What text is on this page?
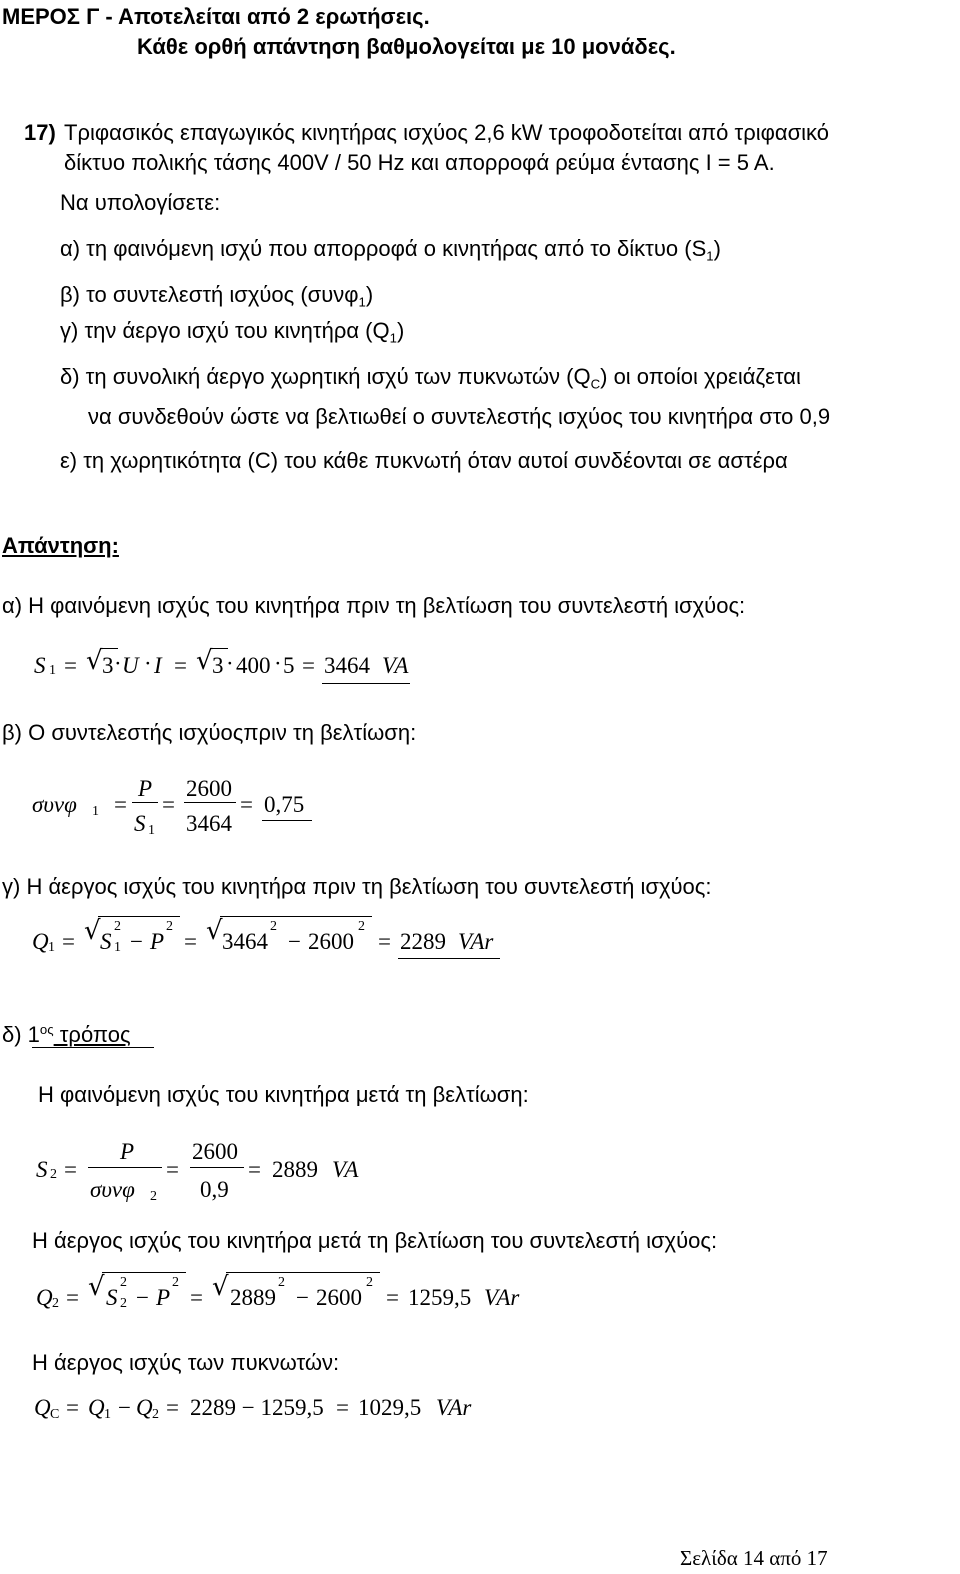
ΜΕΡΟΣ Γ - Αποτελείται από 2 ερωτήσεις.
Κάθε ορθή απάντηση βαθμολογείται με 10 μονάδες.
17) Τριφασικός επαγωγικός κινητήρας ισχύος 2,6 kW τροφοδοτείται από τριφασικό
δίκτυο πολικής τάσης 400V / 50 Hz και απορροφά ρεύμα έντασης Ι = 5 Α.
Να υπολογίσετε:
α) τη φαινόμενη ισχύ που απορροφά ο κινητήρας από το δίκτυο $(S_1)$
β) το συντελεστή ισχύος (συνφ$_1$)
γ) την άεργο ισχύ του κινητήρα $(Q_1)$
δ) τη συνολική άεργο χωρητική ισχύ των πυκνωτών $(Q_C)$ οι οποίοι χρειάζεται
να συνδεθούν ώστε να βελτιωθεί ο συντελεστής ισχύος του κινητήρα στο 0,9
ε) τη χωρητικότητα (C) του κάθε πυκνωτή όταν αυτοί συνδέονται σε αστέρα
Απάντηση:
α) Η φαινόμενη ισχύς του κινητήρα πριν τη βελτίωση του συντελεστή ισχύος:
S 1 = √ 3 · U · I = √ 3 · 400 · 5 = 3464 VA
β) Ο συντελεστής ισχύοςπριν τη βελτίωση:
συνφ 1 =
P
S 1
=
2600
3464
= 0,75
γ) Η άεργος ισχύς του κινητήρα πριν τη βελτίωση του συντελεστή ισχύος:
Q 1 = √ S 1
2
− P
2
= √ 3464
2
− 2600
2
= 2289 VAr
δ) $1^{o\varsigma}$ τρόπος
Η φαινόμενη ισχύς του κινητήρα μετά τη βελτίωση:
S 2 =
P
συνφ 2
=
2600
0,9
= 2889 VA
Η άεργος ισχύς του κινητήρα μετά τη βελτίωση του συντελεστή ισχύος:
Q 2 = √ S 2
2
− P
2
= √ 2889
2
− 2600
2
= 1259,5 VAr
Η άεργος ισχύς των πυκνωτών:
Q C = Q 1 − Q 2 = 2289 − 1259,5 = 1029,5 VAr
Σελίδα 14 από 17
